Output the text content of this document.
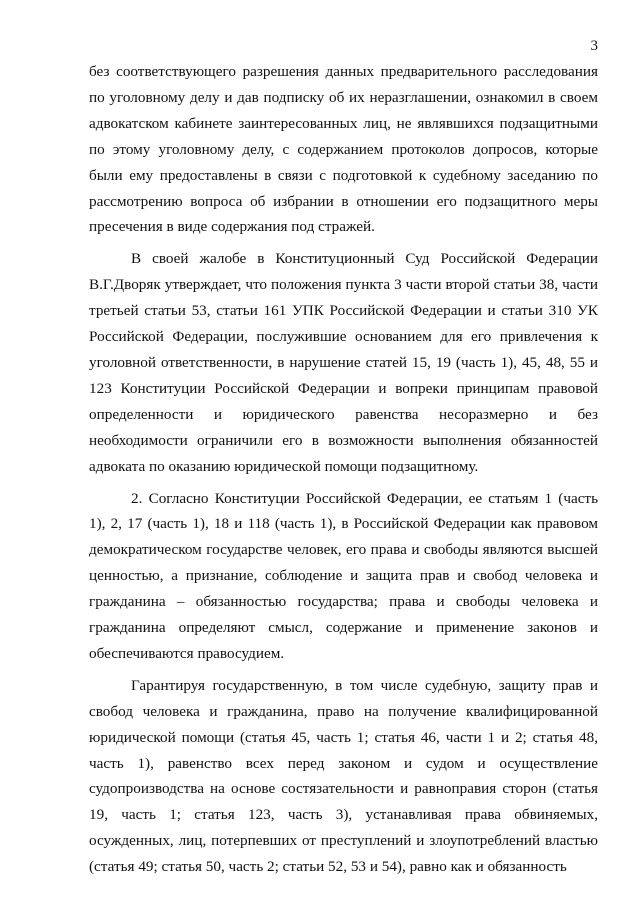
3

без соответствующего разрешения данных предварительного расследования по уголовному делу и дав подписку об их неразглашении, ознакомил в своем адвокатском кабинете заинтересованных лиц, не являвшихся подзащитными по этому уголовному делу, с содержанием протоколов допросов, которые были ему предоставлены в связи с подготовкой к судебному заседанию по рассмотрению вопроса об избрании в отношении его подзащитного меры пресечения в виде содержания под стражей.

В своей жалобе в Конституционный Суд Российской Федерации В.Г.Дворяк утверждает, что положения пункта 3 части второй статьи 38, части третьей статьи 53, статьи 161 УПК Российской Федерации и статьи 310 УК Российской Федерации, послужившие основанием для его привлечения к уголовной ответственности, в нарушение статей 15, 19 (часть 1), 45, 48, 55 и 123 Конституции Российской Федерации и вопреки принципам правовой определенности и юридического равенства несоразмерно и без необходимости ограничили его в возможности выполнения обязанностей адвоката по оказанию юридической помощи подзащитному.

2. Согласно Конституции Российской Федерации, ее статьям 1 (часть 1), 2, 17 (часть 1), 18 и 118 (часть 1), в Российской Федерации как правовом демократическом государстве человек, его права и свободы являются высшей ценностью, а признание, соблюдение и защита прав и свобод человека и гражданина – обязанностью государства; права и свободы человека и гражданина определяют смысл, содержание и применение законов и обеспечиваются правосудием.

Гарантируя государственную, в том числе судебную, защиту прав и свобод человека и гражданина, право на получение квалифицированной юридической помощи (статья 45, часть 1; статья 46, части 1 и 2; статья 48, часть 1), равенство всех перед законом и судом и осуществление судопроизводства на основе состязательности и равноправия сторон (статья 19, часть 1; статья 123, часть 3), устанавливая права обвиняемых, осужденных, лиц, потерпевших от преступлений и злоупотреблений властью (статья 49; статья 50, часть 2; статьи 52, 53 и 54), равно как и обязанность
